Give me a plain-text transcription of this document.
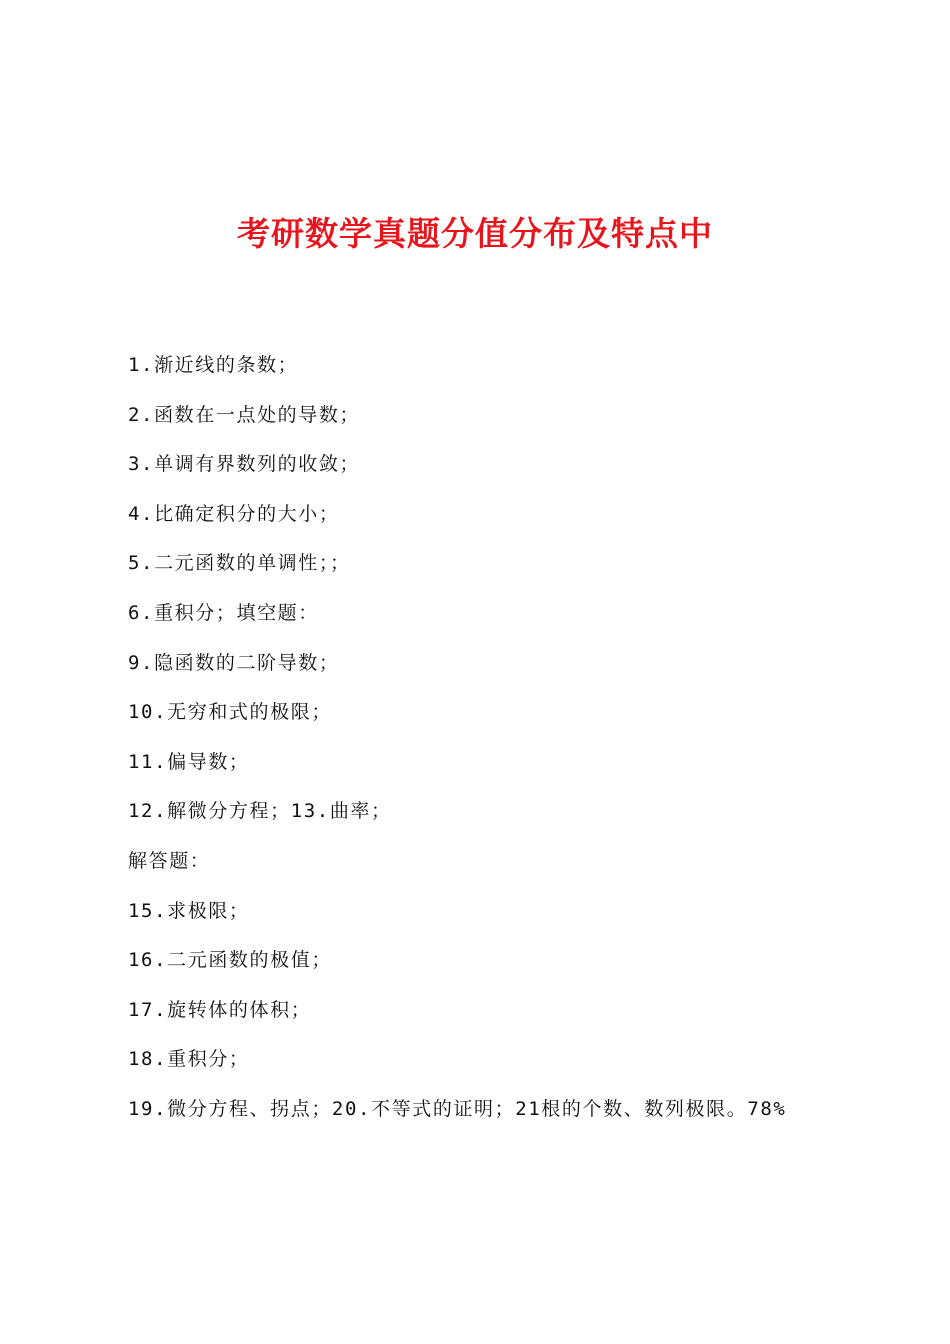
考研数学真题分值分布及特点中
1.渐近线的条数；
2.函数在一点处的导数；
3.单调有界数列的收敛；
4.比确定积分的大小；
5.二元函数的单调性；；
6.重积分；填空题：
9.隐函数的二阶导数；
10.无穷和式的极限；
11.偏导数；
12.解微分方程；13.曲率；
解答题：
15.求极限；
16.二元函数的极值；
17.旋转体的体积；
18.重积分；
19.微分方程、拐点；20.不等式的证明；21根的个数、数列极限。78%
